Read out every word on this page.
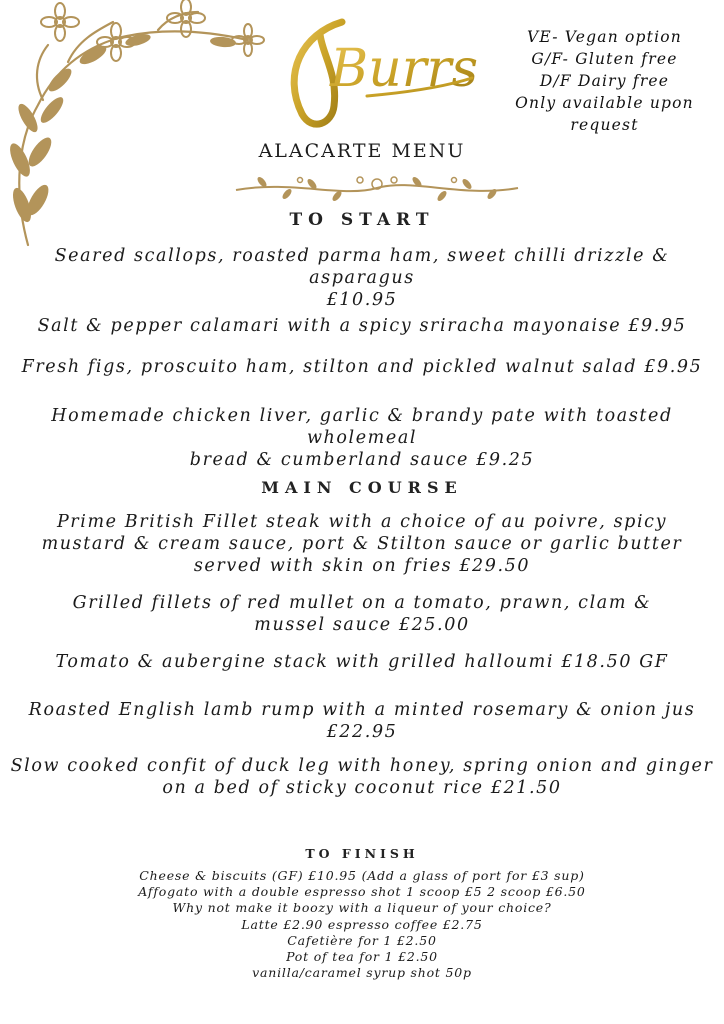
Burrs
VE- Vegan option
G/F- Gluten free
D/F Dairy free
Only available upon
request
ALACARTE MENU
TO START
Seared scallops, roasted parma ham, sweet chilli drizzle & asparagus
£10.95
Salt & pepper calamari with a spicy sriracha mayonaise £9.95
Fresh figs, proscuito ham, stilton and pickled walnut salad £9.95
Homemade chicken liver, garlic & brandy pate with toasted wholemeal
bread & cumberland sauce £9.25
MAIN COURSE
Prime British Fillet steak with a choice of au poivre, spicy
mustard & cream sauce, port & Stilton sauce or garlic butter
served with skin on fries £29.50
Grilled fillets of red mullet on a tomato, prawn, clam &
mussel sauce £25.00
Tomato & aubergine stack with grilled halloumi £18.50 GF
Roasted English lamb rump with a minted rosemary & onion jus
£22.95
Slow cooked confit of duck leg with honey, spring onion and ginger
on a bed of sticky coconut rice £21.50
TO FINISH
Cheese & biscuits (GF) £10.95 (Add a glass of port for £3 sup)
Affogato with a double espresso shot 1 scoop £5 2 scoop £6.50
Why not make it boozy with a liqueur of your choice?
Latte £2.90 espresso coffee £2.75
Cafetière for 1 £2.50
Pot of tea for 1 £2.50
vanilla/caramel syrup shot 50p
